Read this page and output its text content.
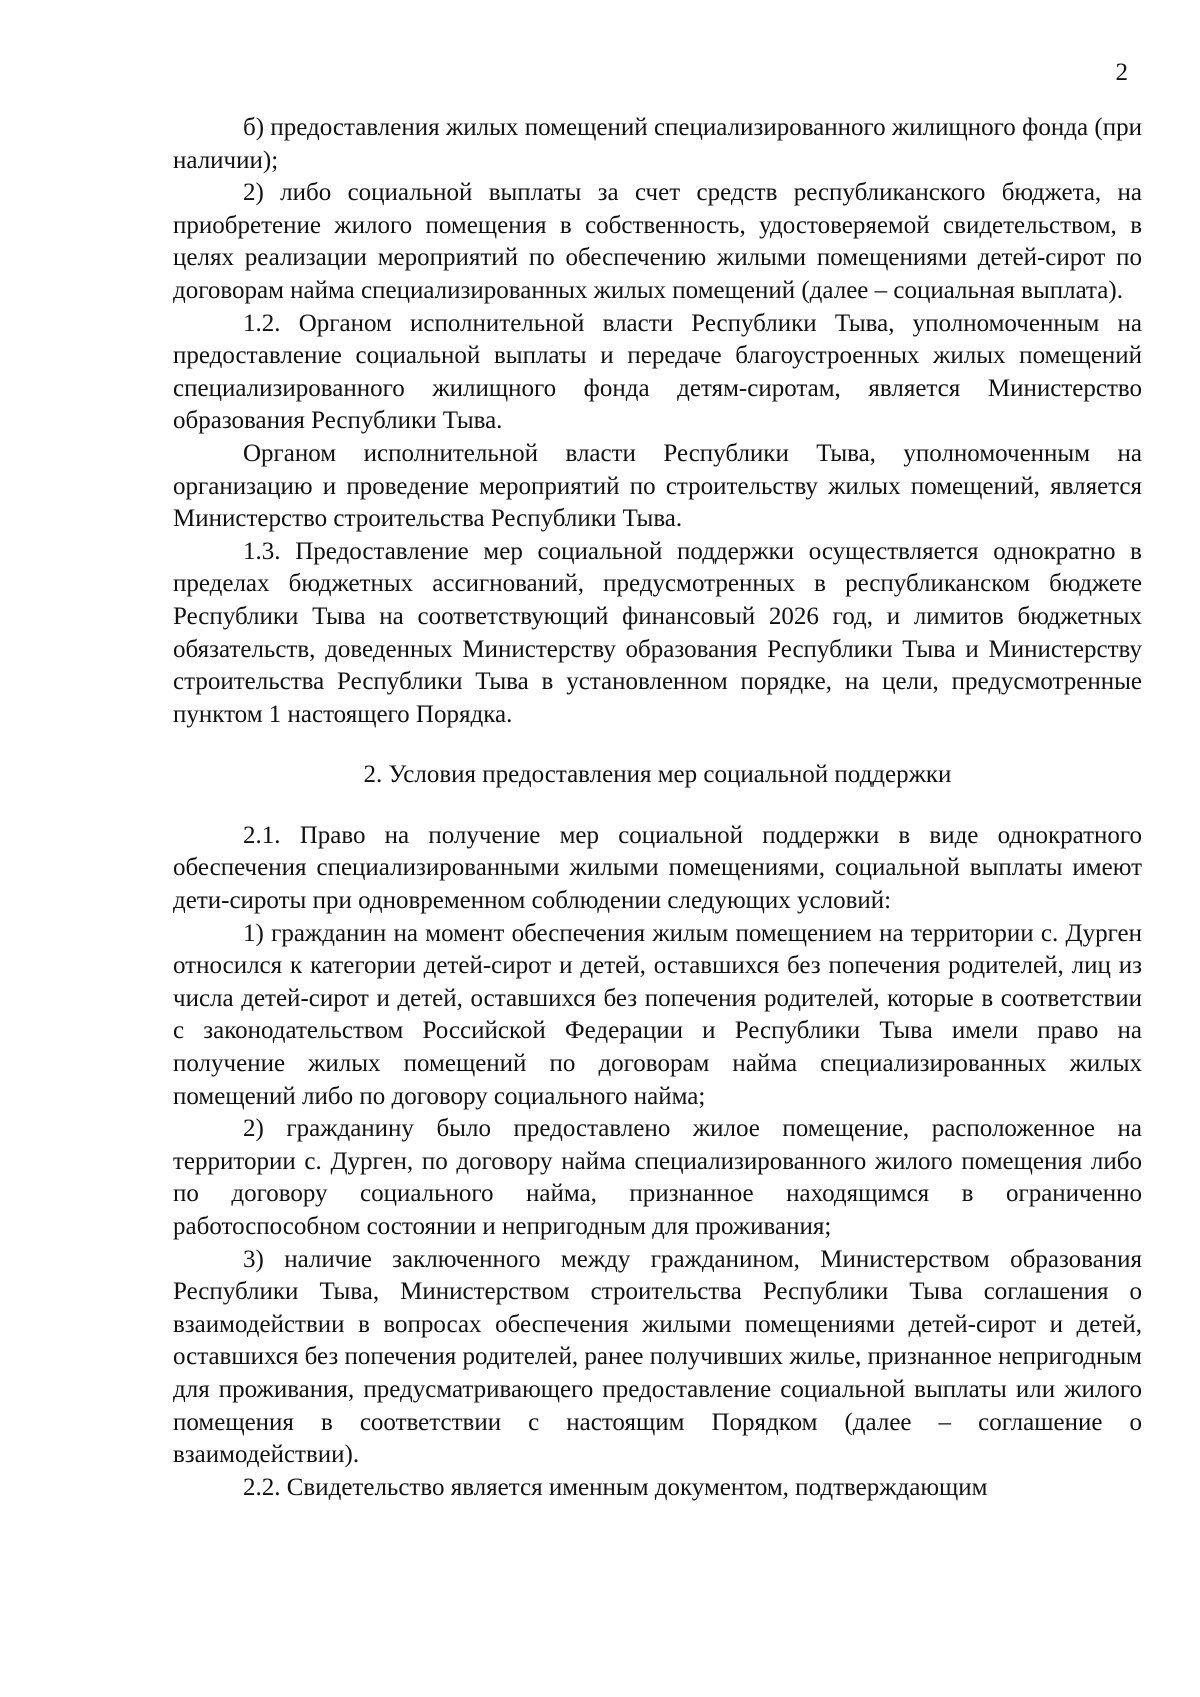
2

б) предоставления жилых помещений специализированного жилищного фонда (при наличии);

2) либо социальной выплаты за счет средств республиканского бюджета, на приобретение жилого помещения в собственность, удостоверяемой свидетельством, в целях реализации мероприятий по обеспечению жилыми помещениями детей-сирот по договорам найма специализированных жилых помещений (далее – социальная выплата).

1.2. Органом исполнительной власти Республики Тыва, уполномоченным на предоставление социальной выплаты и передаче благоустроенных жилых помещений специализированного жилищного фонда детям-сиротам, является Министерство образования Республики Тыва.

Органом исполнительной власти Республики Тыва, уполномоченным на организацию и проведение мероприятий по строительству жилых помещений, является Министерство строительства Республики Тыва.

1.3. Предоставление мер социальной поддержки осуществляется однократно в пределах бюджетных ассигнований, предусмотренных в республиканском бюджете Республики Тыва на соответствующий финансовый 2026 год, и лимитов бюджетных обязательств, доведенных Министерству образования Республики Тыва и Министерству строительства Республики Тыва в установленном порядке, на цели, предусмотренные пунктом 1 настоящего Порядка.

2. Условия предоставления мер социальной поддержки

2.1. Право на получение мер социальной поддержки в виде однократного обеспечения специализированными жилыми помещениями, социальной выплаты имеют дети-сироты при одновременном соблюдении следующих условий:

1) гражданин на момент обеспечения жилым помещением на территории с. Дурген относился к категории детей-сирот и детей, оставшихся без попечения родителей, лиц из числа детей-сирот и детей, оставшихся без попечения родителей, которые в соответствии с законодательством Российской Федерации и Республики Тыва имели право на получение жилых помещений по договорам найма специализированных жилых помещений либо по договору социального найма;

2) гражданину было предоставлено жилое помещение, расположенное на территории с. Дурген, по договору найма специализированного жилого помещения либо по договору социального найма, признанное находящимся в ограниченно работоспособном состоянии и непригодным для проживания;

3) наличие заключенного между гражданином, Министерством образования Республики Тыва, Министерством строительства Республики Тыва соглашения о взаимодействии в вопросах обеспечения жилыми помещениями детей-сирот и детей, оставшихся без попечения родителей, ранее получивших жилье, признанное непригодным для проживания, предусматривающего предоставление социальной выплаты или жилого помещения в соответствии с настоящим Порядком (далее – соглашение о взаимодействии).

2.2. Свидетельство является именным документом, подтверждающим
